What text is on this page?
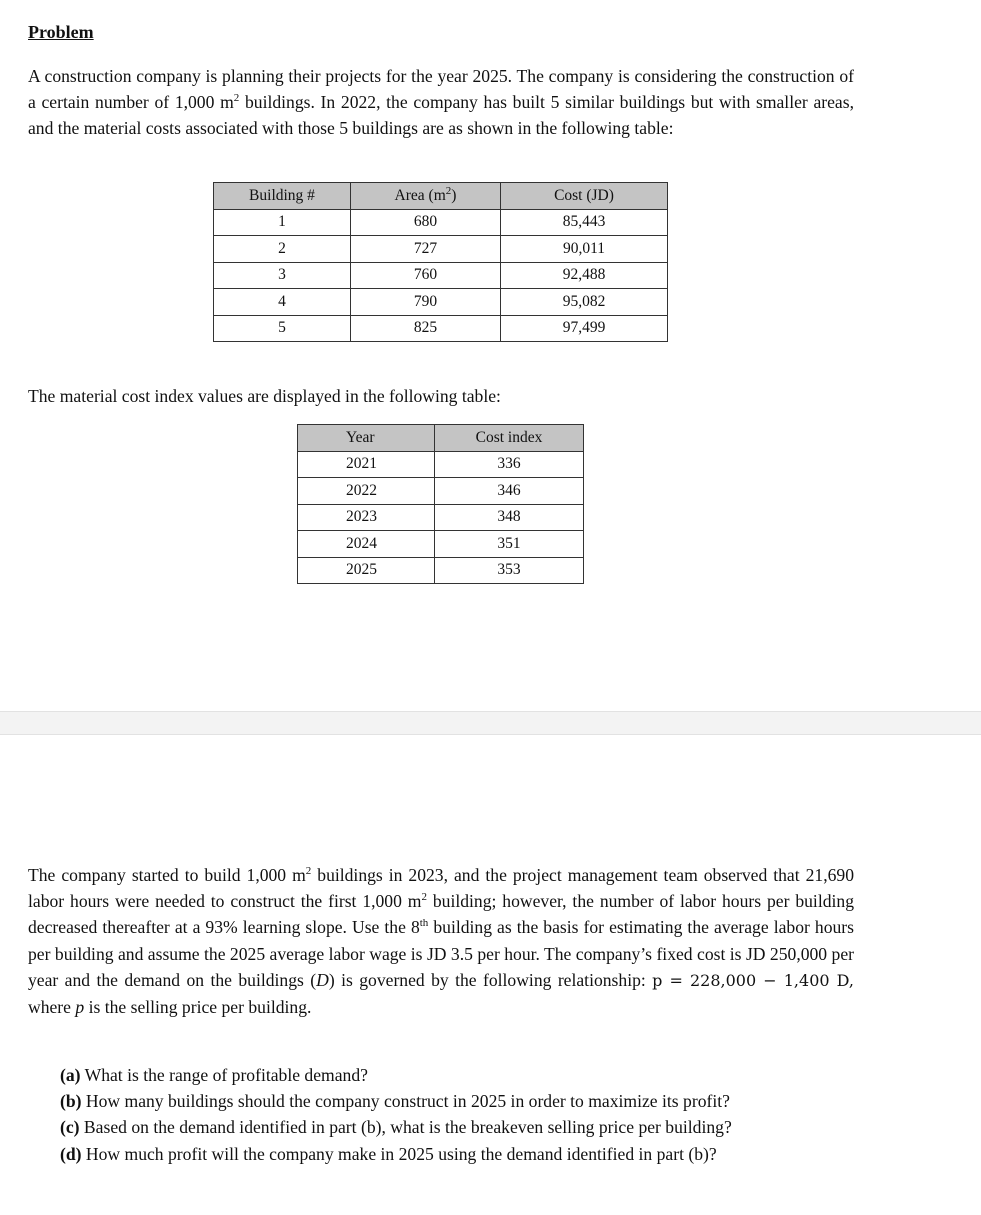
Problem

A construction company is planning their projects for the year 2025. The company is considering the construction of a certain number of 1,000 $m^2$ buildings. In 2022, the company has built 5 similar buildings but with smaller areas, and the material costs associated with those 5 buildings are as shown in the following table:

Building #	Area $(m^2)$	Cost (JD)
1	680	85,443
2	727	90,011
3	760	92,488
4	790	95,082
5	825	97,499

The material cost index values are displayed in the following table:

Year	Cost index
2021	336
2022	346
2023	348
2024	351
2025	353

The company started to build 1,000 $m^2$ buildings in 2023, and the project management team observed that 21,690 labor hours were needed to construct the first 1,000 $m^2$ building; however, the number of labor hours per building decreased thereafter at a 93% learning slope. Use the 8th building as the basis for estimating the average labor hours per building and assume the 2025 average labor wage is JD 3.5 per hour. The company’s fixed cost is JD 250,000 per year and the demand on the buildings (D) is governed by the following relationship: p = 228,000 − 1,400 D, where p is the selling price per building.

(a) What is the range of profitable demand?
(b) How many buildings should the company construct in 2025 in order to maximize its profit?
(c) Based on the demand identified in part (b), what is the breakeven selling price per building?
(d) How much profit will the company make in 2025 using the demand identified in part (b)?
